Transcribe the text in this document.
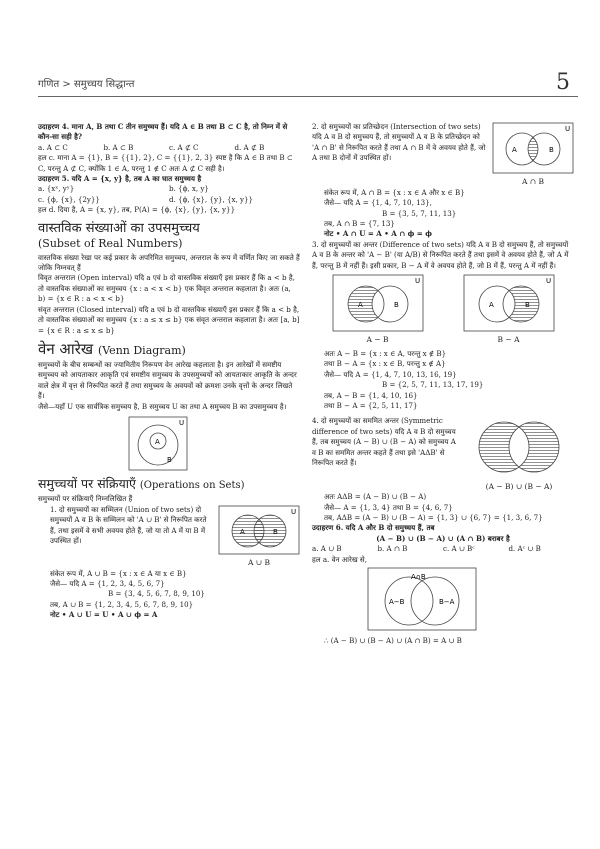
गणित > समुच्चय सिद्धान्त	5

उदाहरण 4. माना A, B तथा C तीन समुच्चय हैं। यदि A ∈ B तथा B ⊂ C है, तो निम्न में से कौन-सा सही है?

a. A ⊂ C	b. A ⊂ B	c. A ⊄ C	d. A ⊄ B

हल c. माना A = {1}, B = {{1}, 2}, C = {{1}, 2, 3} स्पष्ट है कि A ∈ B तथा B ⊂ C, परन्तु A ⊄ C, क्योंकि 1 ∈ A, परन्तु 1 ∉ C अतः A ⊄ C सही है।

उदाहरण 5. यदि A = {x, y} है, तब A का घात समुच्चय है

a. {xˣ, yʸ}	b. {ϕ, x, y}
c. {ϕ, {x}, {2y}}	d. {ϕ, {x}, {y}, {x, y}}

हल d. दिया है, A = {x, y}, तब, P(A) = {ϕ, {x}, {y}, {x, y}}

वास्तविक संख्याओं का उपसमुच्चय
(Subset of Real Numbers)

वास्तविक संख्या रेखा पर कई प्रकार के अपरिमित समुच्चय, अन्तराल के रूप में वर्णित किए जा सकते हैं जोकि निम्नवत् हैं

विवृत अन्तराल (Open interval) यदि a एवं b दो वास्तविक संख्याएँ इस प्रकार हैं कि a < b है, तो वास्तविक संख्याओं का समुच्चय {x : a < x < b} एक विवृत अन्तराल कहलाता है। अतः (a, b) = {x ∈ R : a < x < b}

संवृत अन्तराल (Closed interval) यदि a एवं b दो वास्तविक संख्याएँ इस प्रकार हैं कि a < b है, तो वास्तविक संख्याओं का समुच्चय {x : a ≤ x ≤ b} एक संवृत अन्तराल कहलाता है। अतः [a, b] = {x ∈ R : a ≤ x ≤ b}

वेन आरेख (Venn Diagram)

समुच्चयों के बीच सम्बन्धों का ज्यामितीय निरूपण वेन आरेख कहलाता है। इन आरेखों में समष्टीय समुच्चय को आयताकार आकृति एवं समष्टीय समुच्चय के उपसमुच्चयों को आयताकार आकृति के अन्दर वाले क्षेत्र में वृत्त से निरूपित करते हैं तथा समुच्चय के अवयवों को क्रमशः उनके वृत्तों के अन्दर लिखते हैं।

जैसे—यहाँ U एक सार्वत्रिक समुच्चय है, B समुच्चय U का तथा A समुच्चय B का उपसमुच्चय है।

U
A
B
समुच्चयों पर संक्रियाएँ (Operations on Sets)

समुच्चयों पर संक्रियाएँ निम्नलिखित हैं

1. दो समुच्चयों का सम्मिलन (Union of two sets) दो समुच्चयों A व B के सम्मिलन को 'A ∪ B' से निरूपित करते हैं, तथा इसमें वे सभी अवयव होते हैं, जो या तो A में या B में उपस्थित हों।

U
A	B
A ∪ B

संकेत रूप में, A ∪ B = {x : x ∈ A या x ∈ B}

जैसे— यदि A = {1, 2, 3, 4, 5, 6, 7}

B = {3, 4, 5, 6, 7, 8, 9, 10}

तब, A ∪ B = {1, 2, 3, 4, 5, 6, 7, 8, 9, 10}

नोट • A ∪ U = U • A ∪ ϕ = A

2. दो समुच्चयों का प्रतिच्छेदन (Intersection of two sets) यदि A व B दो समुच्चय हैं, तो समुच्चयों A व B के प्रतिच्छेदन को 'A ∩ B' से निरूपित करते हैं तथा A ∩ B में वे अवयव होते हैं, जो A तथा B दोनों में उपस्थित हों।

U
A	B
A ∩ B

संकेत रूप में, A ∩ B = {x : x ∈ A और x ∈ B}

जैसे— यदि A = {1, 4, 7, 10, 13},

B = {3, 5, 7, 11, 13}

तब, A ∩ B = {7, 13}

नोट • A ∩ U = A • A ∩ ϕ = ϕ

3. दो समुच्चयों का अन्तर (Difference of two sets) यदि A व B दो समुच्चय हैं, तो समुच्चयों A व B के अन्तर को 'A − B' (या A/B) से निरूपित करते हैं तथा इसमें वे अवयव होते हैं, जो A में हैं, परन्तु B में नहीं हैं। इसी प्रकार, B − A में वे अवयव होते हैं, जो B में हैं, परन्तु A में नहीं हैं।

U
A	B
A − B
U
A	B
B − A

अतः A − B = {x : x ∈ A, परन्तु x ∉ B}

तथा B − A = {x : x ∈ B, परन्तु x ∉ A}

जैसे— यदि A = {1, 4, 7, 10, 13, 16, 19}

B = {2, 5, 7, 11, 13, 17, 19}

तब, A − B = {1, 4, 10, 16}

तथा B − A = {2, 5, 11, 17}

4. दो समुच्चयों का सममित अन्तर (Symmetric difference of two sets) यदि A व B दो समुच्चय हैं, तब समुच्चय (A − B) ∪ (B − A) को समुच्चय A व B का सममित अन्तर कहते हैं तथा इसे 'AΔB' से निरूपित करते हैं।

(A − B) ∪ (B − A)

अतः AΔB = (A − B) ∪ (B − A)

जैसे— A = {1, 3, 4} तथा B = {4, 6, 7}

तब, AΔB = (A − B) ∪ (B − A) = {1, 3} ∪ {6, 7} = {1, 3, 6, 7}

उदाहरण 6. यदि A और B दो समुच्चय हैं, तब

(A − B) ∪ (B − A) ∪ (A ∩ B) बराबर है

a. A ∪ B	b. A ∩ B	c. A ∪ Bᶜ	d. Aᶜ ∪ B

हल a. वेन आरेख से,

A∩B
A−B	B−A

∴ (A − B) ∪ (B − A) ∪ (A ∩ B) = A ∪ B
